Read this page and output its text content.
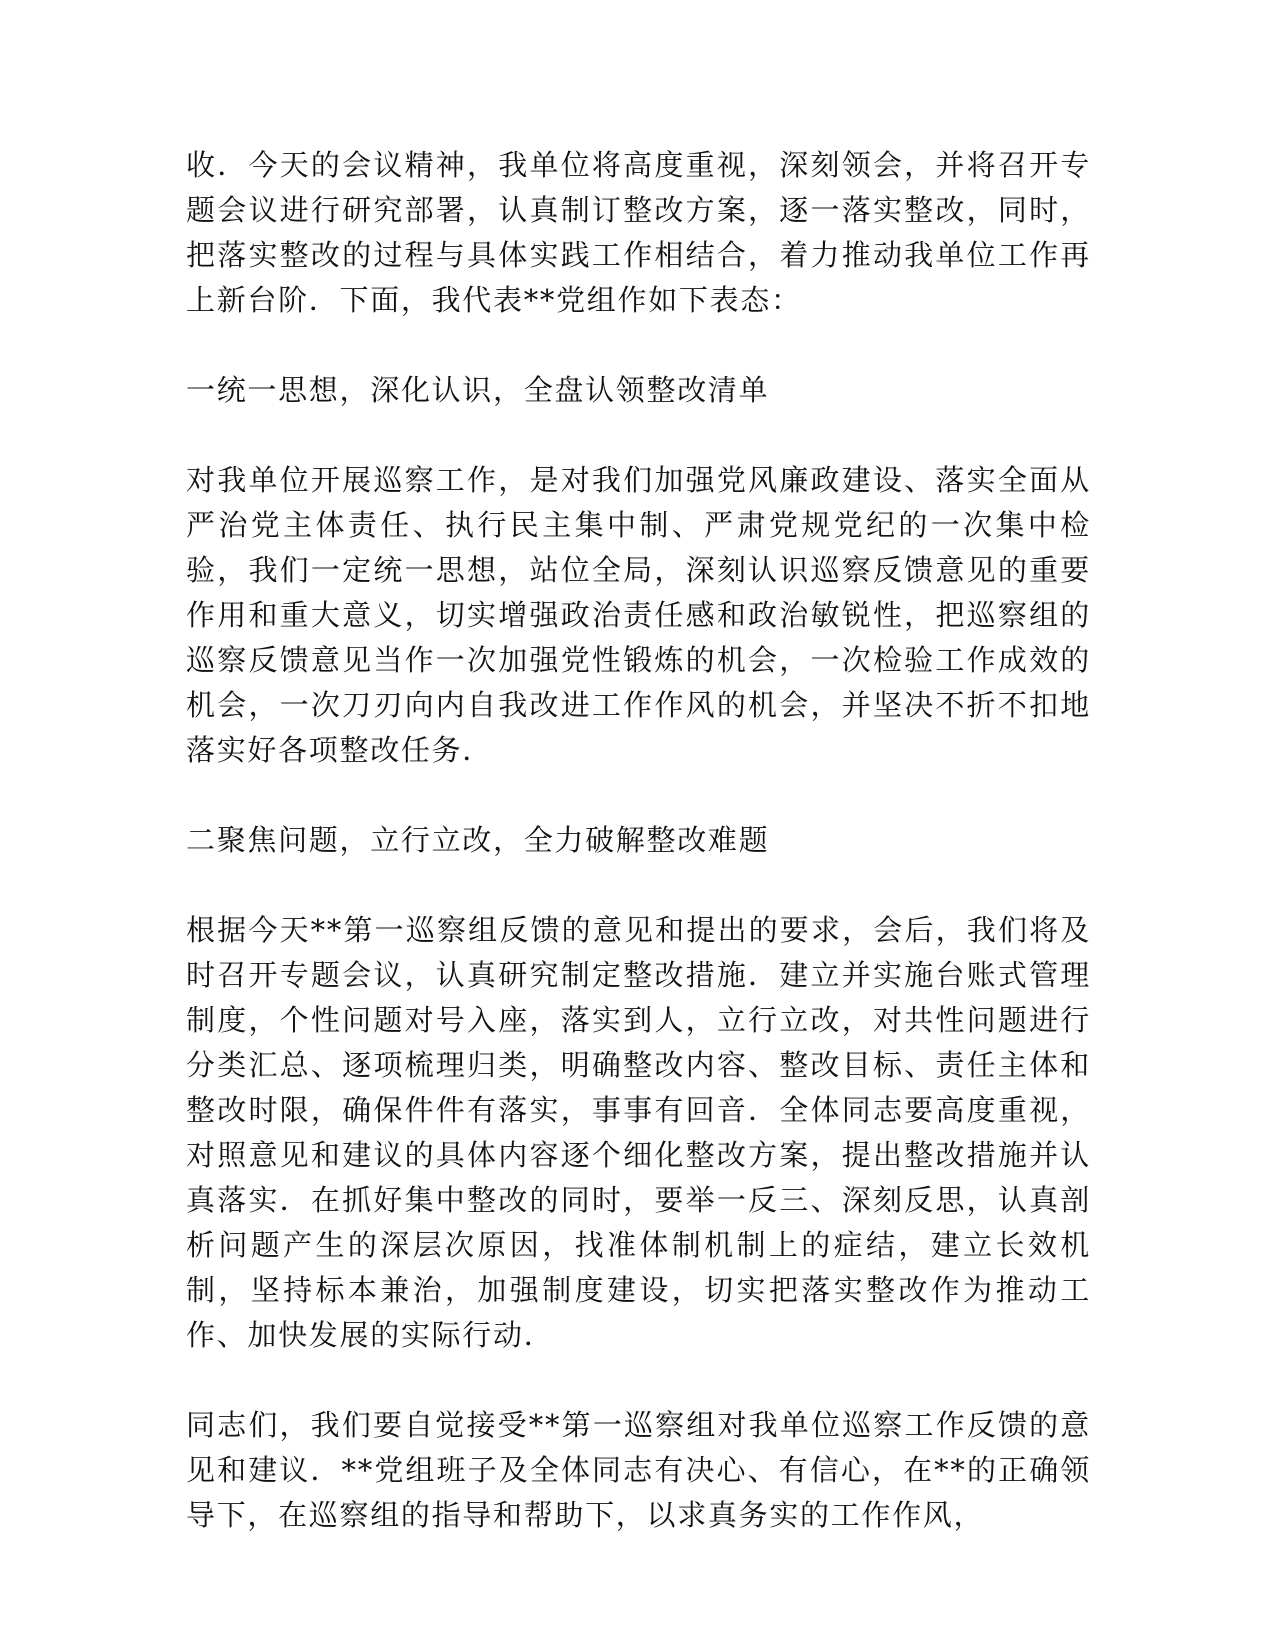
收．今天的会议精神，我单位将高度重视，深刻领会，并将召开专题会议进行研究部署，认真制订整改方案，逐一落实整改，同时，把落实整改的过程与具体实践工作相结合，着力推动我单位工作再上新台阶．下面，我代表**党组作如下表态：

一统一思想，深化认识，全盘认领整改清单

对我单位开展巡察工作，是对我们加强党风廉政建设、落实全面从严治党主体责任、执行民主集中制、严肃党规党纪的一次集中检验，我们一定统一思想，站位全局，深刻认识巡察反馈意见的重要作用和重大意义，切实增强政治责任感和政治敏锐性，把巡察组的巡察反馈意见当作一次加强党性锻炼的机会，一次检验工作成效的机会，一次刀刃向内自我改进工作作风的机会，并坚决不折不扣地落实好各项整改任务．

二聚焦问题，立行立改，全力破解整改难题

根据今天**第一巡察组反馈的意见和提出的要求，会后，我们将及时召开专题会议，认真研究制定整改措施．建立并实施台账式管理制度，个性问题对号入座，落实到人，立行立改，对共性问题进行分类汇总、逐项梳理归类，明确整改内容、整改目标、责任主体和整改时限，确保件件有落实，事事有回音．全体同志要高度重视，对照意见和建议的具体内容逐个细化整改方案，提出整改措施并认真落实．在抓好集中整改的同时，要举一反三、深刻反思，认真剖析问题产生的深层次原因，找准体制机制上的症结，建立长效机制，坚持标本兼治，加强制度建设，切实把落实整改作为推动工作、加快发展的实际行动．

同志们，我们要自觉接受**第一巡察组对我单位巡察工作反馈的意见和建议．**党组班子及全体同志有决心、有信心，在**的正确领导下，在巡察组的指导和帮助下，以求真务实的工作作风，
